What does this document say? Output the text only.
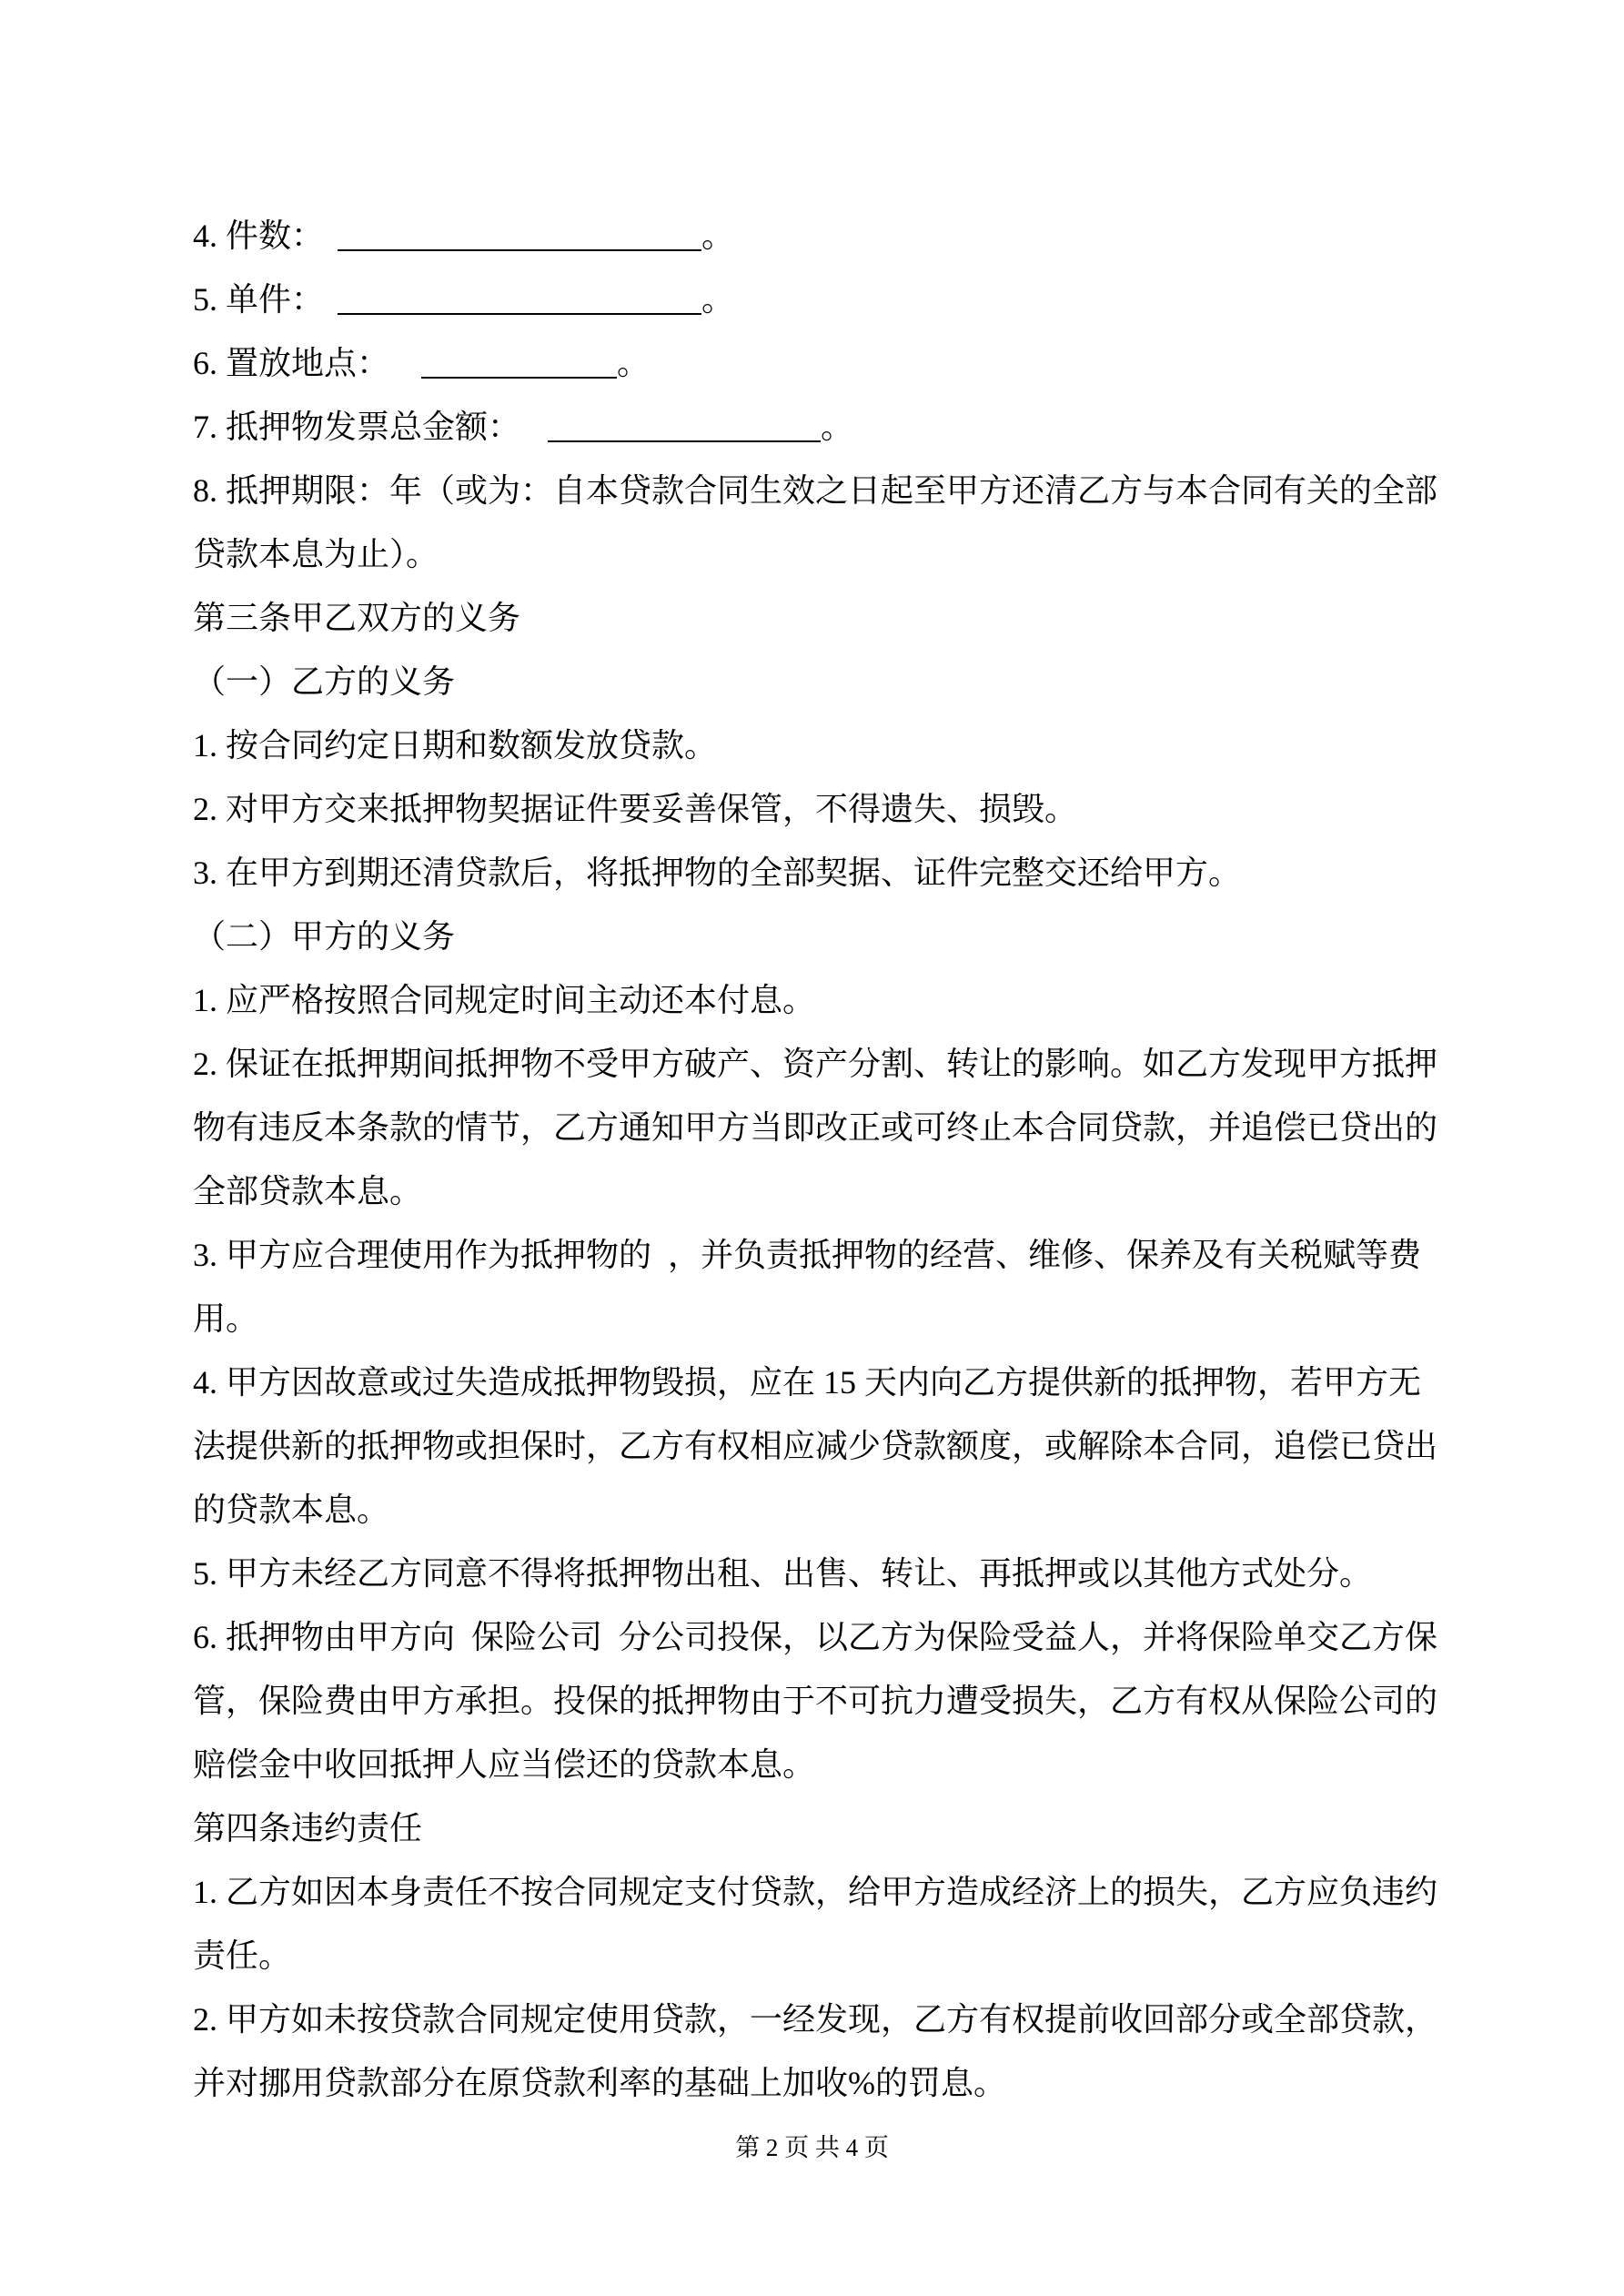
4. 件数：	。
5. 单件：	。
6. 置放地点：	。
7. 抵押物发票总金额：	。
8. 抵押期限：年（或为：自本贷款合同生效之日起至甲方还清乙方与本合同有关的全部
贷款本息为止）。
第三条甲乙双方的义务
（一）乙方的义务
1. 按合同约定日期和数额发放贷款。
2. 对甲方交来抵押物契据证件要妥善保管，不得遗失、损毁。
3. 在甲方到期还清贷款后，将抵押物的全部契据、证件完整交还给甲方。
（二）甲方的义务
1. 应严格按照合同规定时间主动还本付息。
2. 保证在抵押期间抵押物不受甲方破产、资产分割、转让的影响。如乙方发现甲方抵押
物有违反本条款的情节，乙方通知甲方当即改正或可终止本合同贷款，并追偿已贷出的
全部贷款本息。
3. 甲方应合理使用作为抵押物的  ，并负责抵押物的经营、维修、保养及有关税赋等费
用。
4. 甲方因故意或过失造成抵押物毁损，应在 15 天内向乙方提供新的抵押物，若甲方无
法提供新的抵押物或担保时，乙方有权相应减少贷款额度，或解除本合同，追偿已贷出
的贷款本息。
5. 甲方未经乙方同意不得将抵押物出租、出售、转让、再抵押或以其他方式处分。
6. 抵押物由甲方向  保险公司  分公司投保，以乙方为保险受益人，并将保险单交乙方保
管，保险费由甲方承担。投保的抵押物由于不可抗力遭受损失，乙方有权从保险公司的
赔偿金中收回抵押人应当偿还的贷款本息。
第四条违约责任
1. 乙方如因本身责任不按合同规定支付贷款，给甲方造成经济上的损失，乙方应负违约
责任。
2. 甲方如未按贷款合同规定使用贷款，一经发现，乙方有权提前收回部分或全部贷款，
并对挪用贷款部分在原贷款利率的基础上加收%的罚息。
第 2 页 共 4 页
